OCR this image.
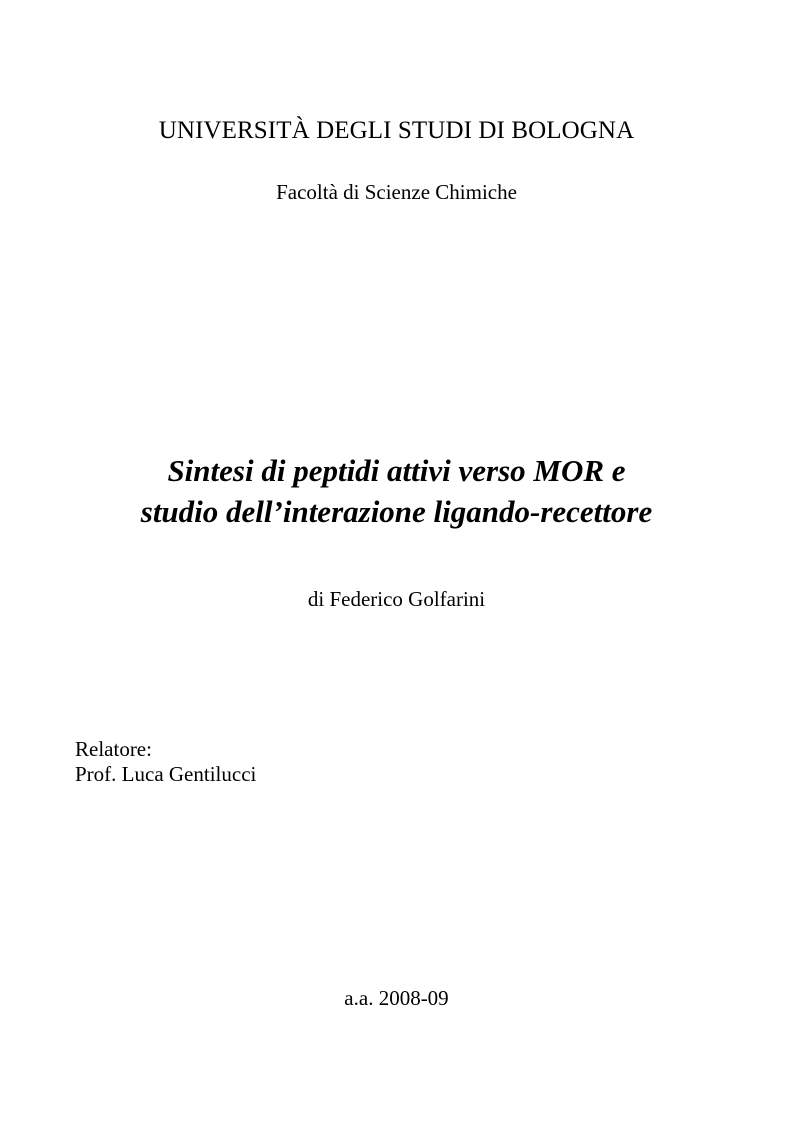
UNIVERSITÀ DEGLI STUDI DI BOLOGNA
Facoltà di Scienze Chimiche
Sintesi di peptidi attivi verso MOR e
studio dell’interazione ligando-recettore
di Federico Golfarini
Relatore:
Prof. Luca Gentilucci
a.a. 2008-09
